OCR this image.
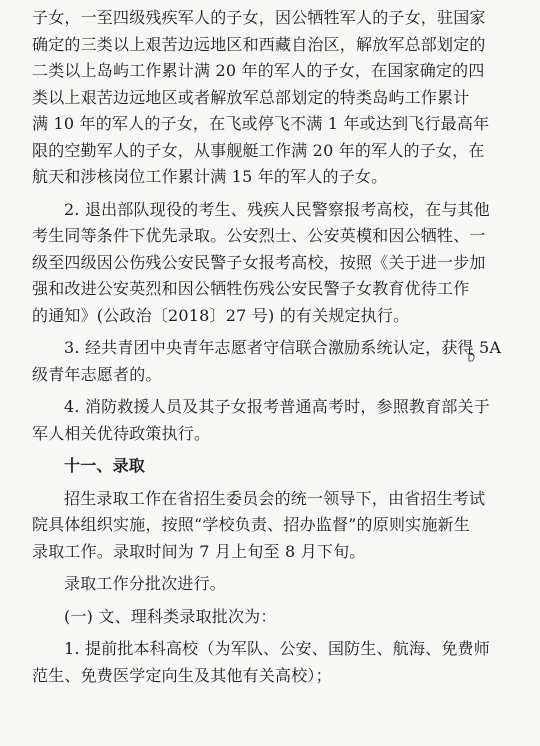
子女，一至四级残疾军人的子女，因公牺牲军人的子女，驻国家
确定的三类以上艰苦边远地区和西藏自治区，解放军总部划定的
二类以上岛屿工作累计满 20 年的军人的子女，在国家确定的四
类以上艰苦边远地区或者解放军总部划定的特类岛屿工作累计
满 10 年的军人的子女，在飞或停飞不满 1 年或达到飞行最高年
限的空勤军人的子女，从事舰艇工作满 20 年的军人的子女，在
航天和涉核岗位工作累计满 15 年的军人的子女。
2. 退出部队现役的考生、残疾人民警察报考高校，在与其他
考生同等条件下优先录取。公安烈士、公安英模和因公牺牲、一
级至四级因公伤残公安民警子女报考高校，按照《关于进一步加
强和改进公安英烈和因公牺牲伤残公安民警子女教育优待工作
的通知》(公政治〔2018〕27 号) 的有关规定执行。
3. 经共青团中央青年志愿者守信联合激励系统认定，获得 5A
级青年志愿者的。
4. 消防救援人员及其子女报考普通高考时，参照教育部关于
军人相关优待政策执行。
十一、录取
招生录取工作在省招生委员会的统一领导下，由省招生考试
院具体组织实施，按照“学校负责、招办监督”的原则实施新生
录取工作。录取时间为 7 月上旬至 8 月下旬。
录取工作分批次进行。
(一) 文、理科类录取批次为：
1. 提前批本科高校（为军队、公安、国防生、航海、免费师
范生、免费医学定向生及其他有关高校）；
